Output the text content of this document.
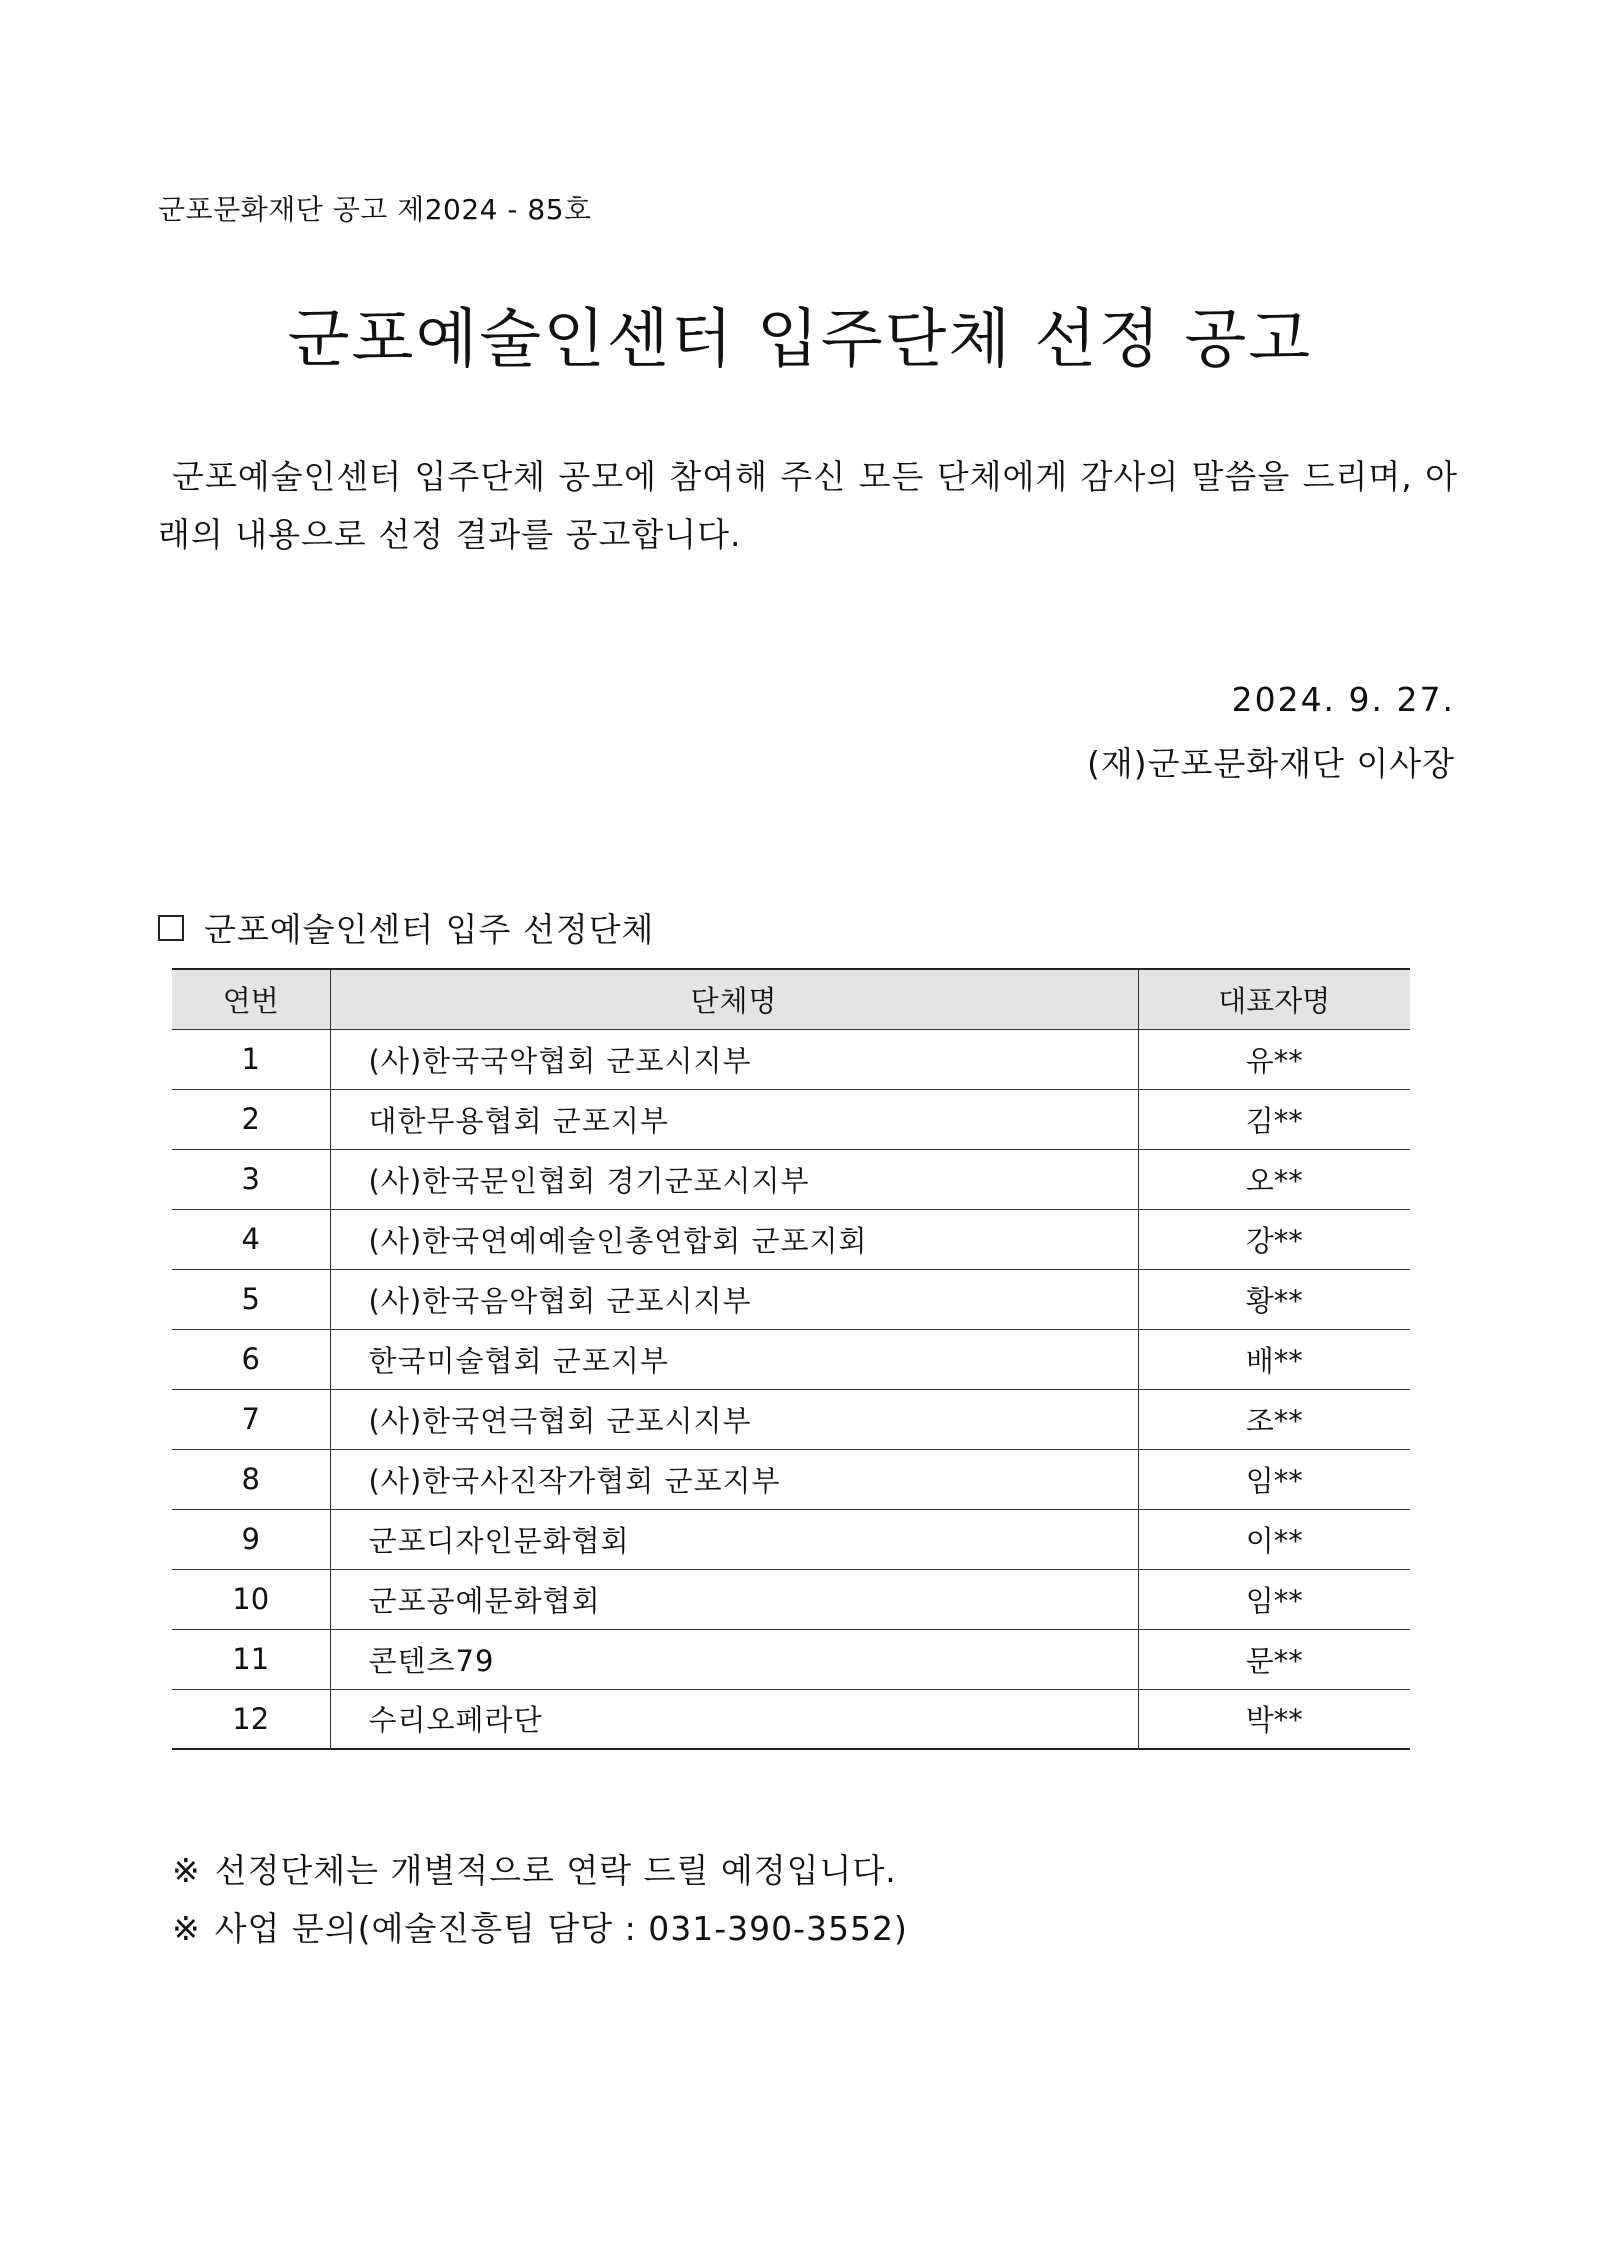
군포문화재단 공고 제2024 - 85호
군포예술인센터 입주단체 선정 공고
군포예술인센터 입주단체 공모에 참여해 주신 모든 단체에게 감사의 말씀을 드리며, 아래의 내용으로 선정 결과를 공고합니다.
2024. 9. 27.
(재)군포문화재단 이사장
군포예술인센터 입주 선정단체
연번	단체명	대표자명
1	(사)한국국악협회 군포시지부	유**
2	대한무용협회 군포지부	김**
3	(사)한국문인협회 경기군포시지부	오**
4	(사)한국연예예술인총연합회 군포지회	강**
5	(사)한국음악협회 군포시지부	황**
6	한국미술협회 군포지부	배**
7	(사)한국연극협회 군포시지부	조**
8	(사)한국사진작가협회 군포지부	임**
9	군포디자인문화협회	이**
10	군포공예문화협회	임**
11	콘텐츠79	문**
12	수리오페라단	박**
※ 선정단체는 개별적으로 연락 드릴 예정입니다.
※ 사업 문의(예술진흥팀 담당 : 031-390-3552)
